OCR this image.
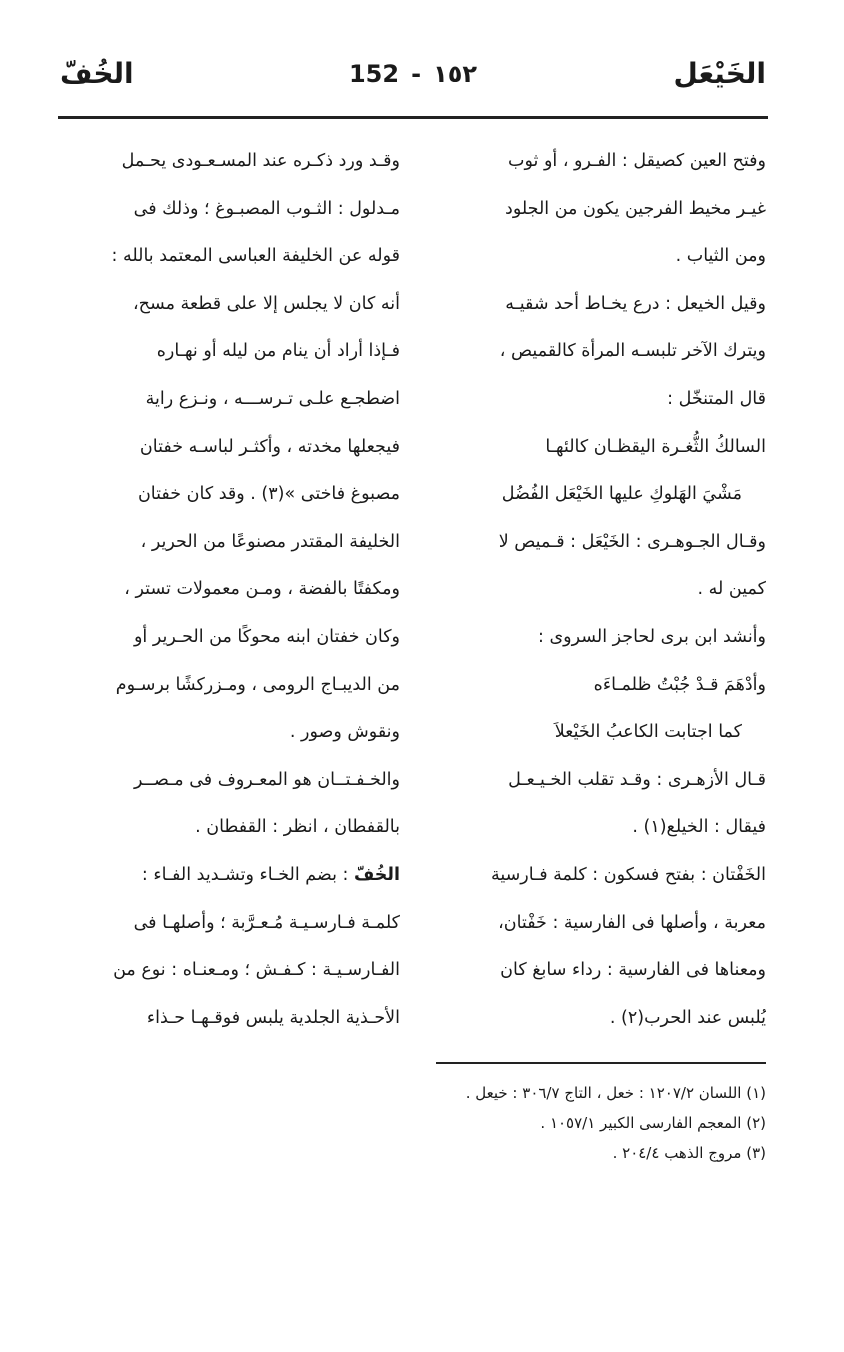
الخَيْعَل
152 - ١٥٢
الخُفّ
وفتح العين كصيقل : الفـرو ، أو ثوب
غيـر مخيط الفرجين يكون من الجلود
ومن الثياب .
وقيل الخيعل : درع يخـاط أحد شقيـه
ويترك الآخر تلبسـه المرأة كالقميص ،
قال المتنخّل :
السالكُ الثُّغـرة اليقظـان كالئهـا
مَشْيَ الهَلوكِ عليها الخَيْعَل الفُضُل
وقـال الجـوهـرى : الخَيْعَل : قـميص لا
كمين له .
وأنشد ابن برى لحاجز السروى :
وأدْهَمَ قـدْ جُبْتُ ظلمـاءَه
كما اجتابت الكاعبُ الخَيْعلاَ
قـال الأزهـرى : وقـد تقلب الخـيـعـل
فيقال : الخيلع(١) .
الخَفْتان : بفتح فسكون : كلمة فـارسية
معربة ، وأصلها فى الفارسية : خَفْتان،
ومعناها فى الفارسية : رداء سابغ كان
يُلبس عند الحرب(٢) .
وقـد ورد ذكـره عند المسـعـودى يحـمل
مـدلول : الثـوب المصبـوغ ؛ وذلك فى
قوله عن الخليفة العباسى المعتمد بالله :
أنه كان لا يجلس إلا على قطعة مسح،
فـإذا أراد أن ينام من ليله أو نهـاره
اضطجـع علـى تـرســـه ، ونـزع راية
فيجعلها مخدته ، وأكثـر لباسـه خفتان
مصبوغ فاختى »(٣) . وقد كان خفتان
الخليفة المقتدر مصنوعًا من الحرير ،
ومكفتًا بالفضة ، ومـن معمولات تستر ،
وكان خفتان ابنه محوكًا من الحـرير أو
من الديبـاج الرومى ، ومـزركشًا برسـوم
ونقوش وصور .
والخـفـتــان هو المعـروف فى مـصــر
بالقفطان ، انظر : القفطان .
الخُفّ : بضم الخـاء وتشـديد الفـاء :
كلمـة فـارسـيـة مُـعـرَّبة ؛ وأصلهـا فى
الفـارسـيـة : كـفـش ؛ ومـعنـاه : نوع من
الأحـذية الجلدية يلبس فوقـهـا حـذاء
(١) اللسان ١٢٠٧/٢ : خعل ، التاج ٣٠٦/٧ : خيعل .
(٢) المعجم الفارسى الكبير ١٠٥٧/١ .
(٣) مروج الذهب ٢٠٤/٤ .
